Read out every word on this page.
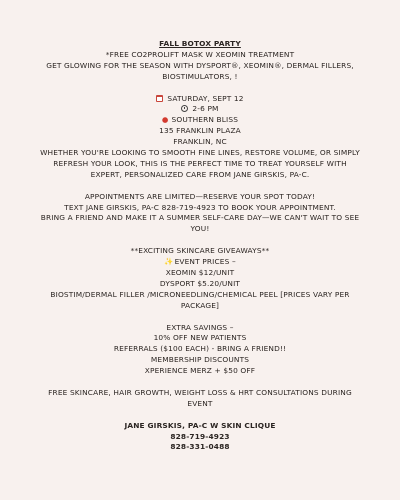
FALL BOTOX PARTY
*FREE CO2PROLIFT MASK W XEOMIN TREATMENT
GET GLOWING FOR THE SEASON WITH DYSPORT®, XEOMIN®, DERMAL FILLERS,
BIOSTIMULATORS, !
SATURDAY, SEPT 12
2-6 PM
● SOUTHERN BLISS
135 FRANKLIN PLAZA
FRANKLIN, NC
WHETHER YOU'RE LOOKING TO SMOOTH FINE LINES, RESTORE VOLUME, OR SIMPLY
REFRESH YOUR LOOK, THIS IS THE PERFECT TIME TO TREAT YOURSELF WITH
EXPERT, PERSONALIZED CARE FROM JANE GIRSKIS, PA-C.
APPOINTMENTS ARE LIMITED—RESERVE YOUR SPOT TODAY!
TEXT JANE GIRSKIS, PA-C 828-719-4923 TO BOOK YOUR APPOINTMENT.
BRING A FRIEND AND MAKE IT A SUMMER SELF-CARE DAY—WE CAN'T WAIT TO SEE
YOU!
**EXCITING SKINCARE GIVEAWAYS**
✨EVENT PRICES –
XEOMIN $12/UNIT
DYSPORT $5.20/UNIT
BIOSTIM/DERMAL FILLER /MICRONEEDLING/CHEMICAL PEEL [PRICES VARY PER
PACKAGE]
EXTRA SAVINGS –
10% OFF NEW PATIENTS
REFERRALS ($100 EACH) - BRING A FRIEND!!
MEMBERSHIP DISCOUNTS
XPERIENCE MERZ + $50 OFF
FREE SKINCARE, HAIR GROWTH, WEIGHT LOSS & HRT CONSULTATIONS DURING
EVENT
JANE GIRSKIS, PA-C W SKIN CLIQUE
828-719-4923
828-331-0488
